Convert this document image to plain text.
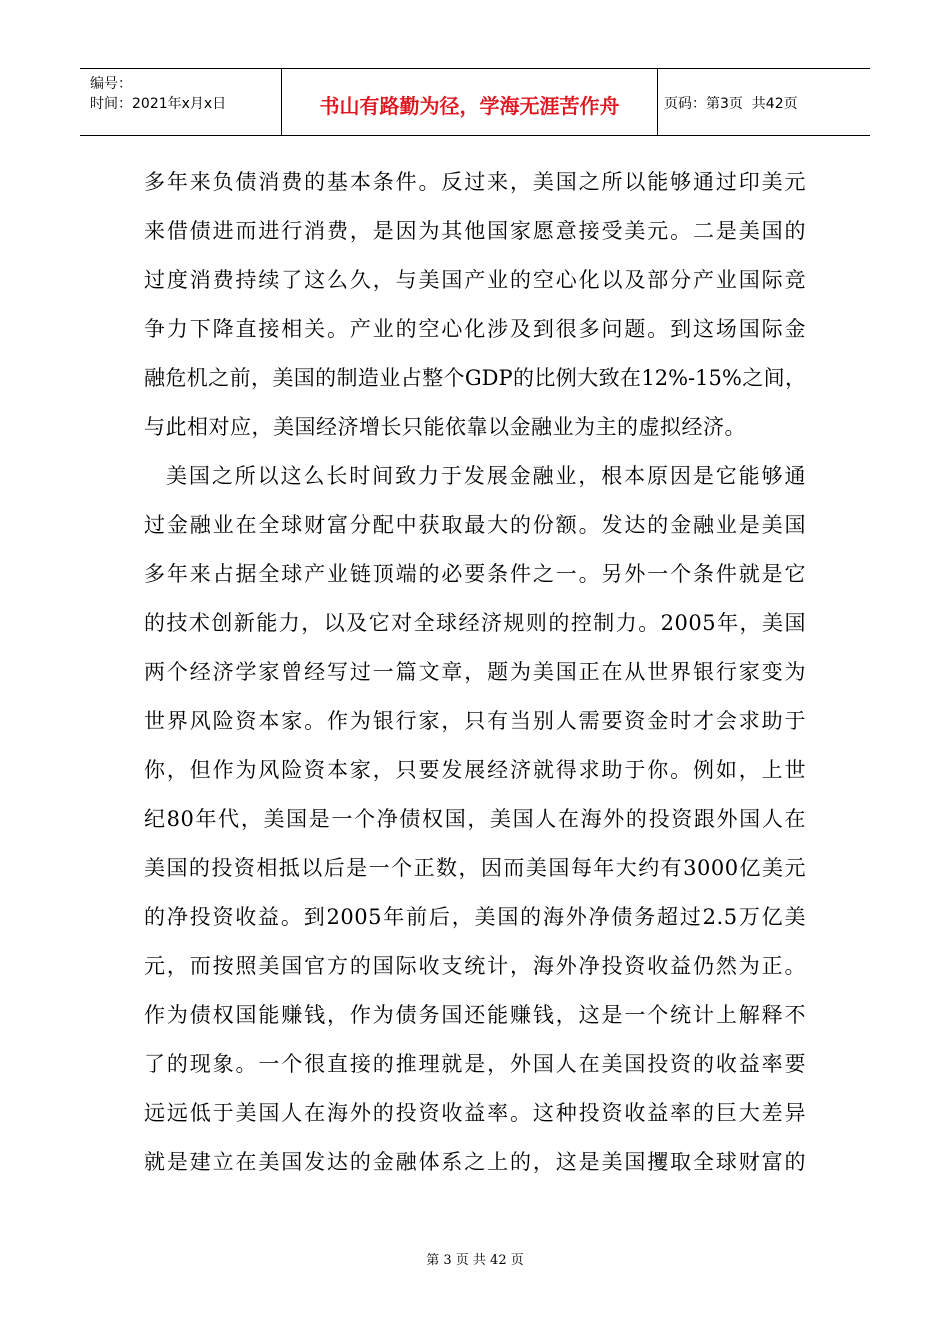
编号：
时间：2021年x月x日	书山有路勤为径，学海无涯苦作舟	页码：第3页  共42页
多年来负债消费的基本条件。反过来，美国之所以能够通过印美元
来借债进而进行消费，是因为其他国家愿意接受美元。二是美国的
过度消费持续了这么久，与美国产业的空心化以及部分产业国际竞
争力下降直接相关。产业的空心化涉及到很多问题。到这场国际金
融危机之前，美国的制造业占整个GDP的比例大致在12%-15%之间，
与此相对应，美国经济增长只能依靠以金融业为主的虚拟经济。
美国之所以这么长时间致力于发展金融业，根本原因是它能够通
过金融业在全球财富分配中获取最大的份额。发达的金融业是美国
多年来占据全球产业链顶端的必要条件之一。另外一个条件就是它
的技术创新能力，以及它对全球经济规则的控制力。2005年，美国
两个经济学家曾经写过一篇文章，题为美国正在从世界银行家变为
世界风险资本家。作为银行家，只有当别人需要资金时才会求助于
你，但作为风险资本家，只要发展经济就得求助于你。例如，上世
纪80年代，美国是一个净债权国，美国人在海外的投资跟外国人在
美国的投资相抵以后是一个正数，因而美国每年大约有3000亿美元
的净投资收益。到2005年前后，美国的海外净债务超过2.5万亿美
元，而按照美国官方的国际收支统计，海外净投资收益仍然为正。
作为债权国能赚钱，作为债务国还能赚钱，这是一个统计上解释不
了的现象。一个很直接的推理就是，外国人在美国投资的收益率要
远远低于美国人在海外的投资收益率。这种投资收益率的巨大差异
就是建立在美国发达的金融体系之上的，这是美国攫取全球财富的
第 3 页 共 42 页
